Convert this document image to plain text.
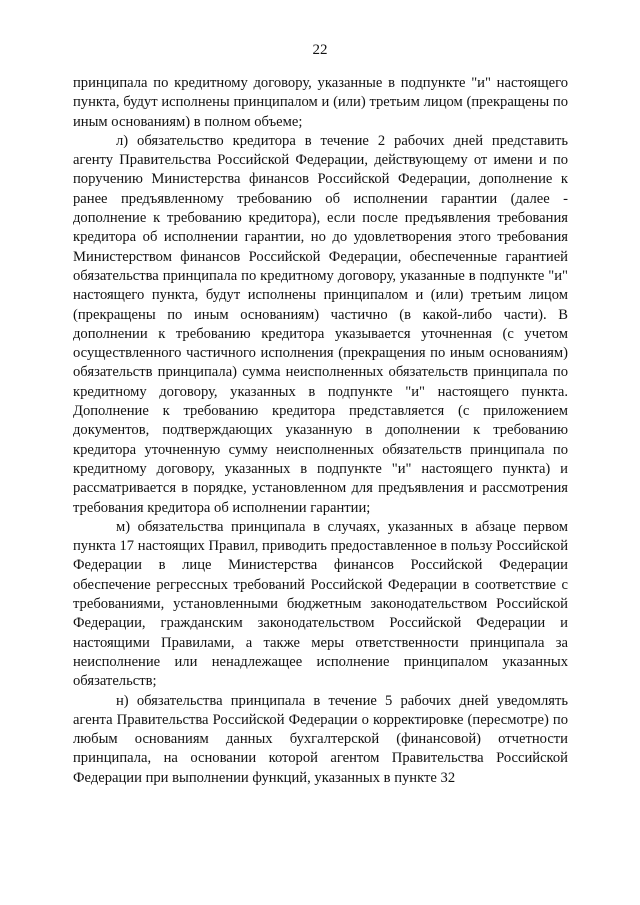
22

принципала по кредитному договору, указанные в подпункте "и" настоящего пункта, будут исполнены принципалом и (или) третьим лицом (прекращены по иным основаниям) в полном объеме;

л) обязательство кредитора в течение 2 рабочих дней представить агенту Правительства Российской Федерации, действующему от имени и по поручению Министерства финансов Российской Федерации, дополнение к ранее предъявленному требованию об исполнении гарантии (далее - дополнение к требованию кредитора), если после предъявления требования кредитора об исполнении гарантии, но до удовлетворения этого требования Министерством финансов Российской Федерации, обеспеченные гарантией обязательства принципала по кредитному договору, указанные в подпункте "и" настоящего пункта, будут исполнены принципалом и (или) третьим лицом (прекращены по иным основаниям) частично (в какой-либо части). В дополнении к требованию кредитора указывается уточненная (с учетом осуществленного частичного исполнения (прекращения по иным основаниям) обязательств принципала) сумма неисполненных обязательств принципала по кредитному договору, указанных в подпункте "и" настоящего пункта. Дополнение к требованию кредитора представляется (с приложением документов, подтверждающих указанную в дополнении к требованию кредитора уточненную сумму неисполненных обязательств принципала по кредитному договору, указанных в подпункте "и" настоящего пункта) и рассматривается в порядке, установленном для предъявления и рассмотрения требования кредитора об исполнении гарантии;

м) обязательства принципала в случаях, указанных в абзаце первом пункта 17 настоящих Правил, приводить предоставленное в пользу Российской Федерации в лице Министерства финансов Российской Федерации обеспечение регрессных требований Российской Федерации в соответствие с требованиями, установленными бюджетным законодательством Российской Федерации, гражданским законодательством Российской Федерации и настоящими Правилами, а также меры ответственности принципала за неисполнение или ненадлежащее исполнение принципалом указанных обязательств;

н) обязательства принципала в течение 5 рабочих дней уведомлять агента Правительства Российской Федерации о корректировке (пересмотре) по любым основаниям данных бухгалтерской (финансовой) отчетности принципала, на основании которой агентом Правительства Российской Федерации при выполнении функций, указанных в пункте 32
